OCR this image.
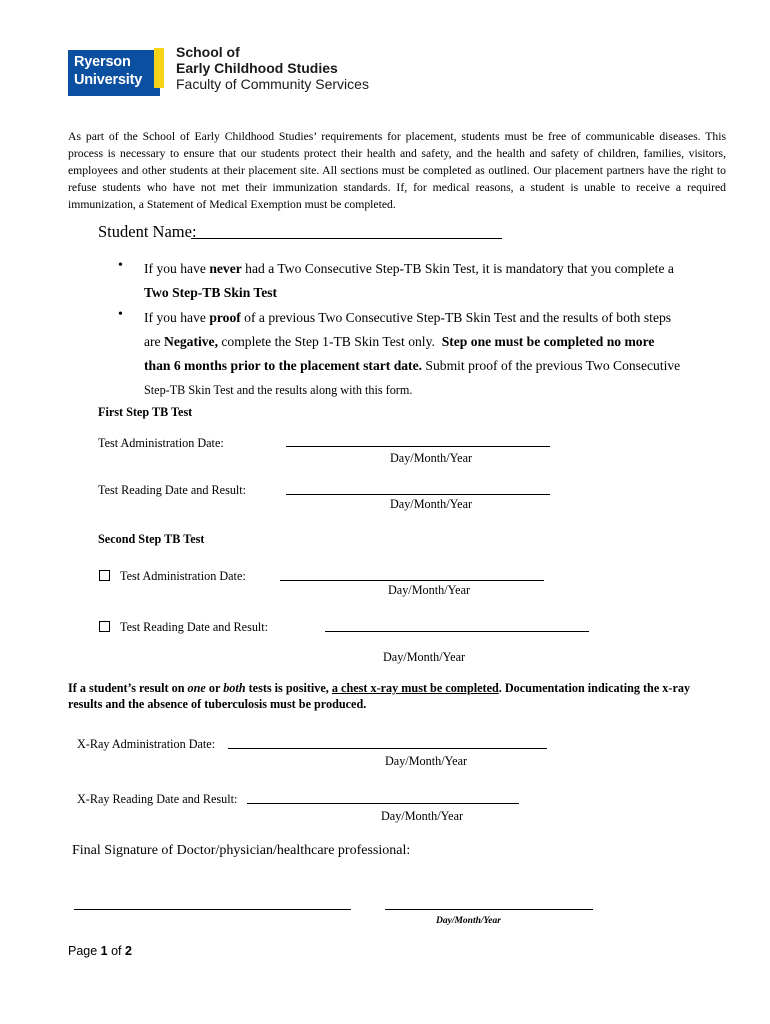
Ryerson
University
School of
Early Childhood Studies
Faculty of Community Services
As part of the School of Early Childhood Studies’ requirements for placement, students must be free of communicable diseases. This process is necessary to ensure that our students protect their health and safety, and the health and safety of children, families, visitors, employees and other students at their placement site. All sections must be completed as outlined. Our placement partners have the right to refuse students who have not met their immunization standards. If, for medical reasons, a student is unable to receive a required immunization, a Statement of Medical Exemption must be completed.
Student Name:
• If you have never had a Two Consecutive Step-TB Skin Test, it is mandatory that you complete a
Two Step-TB Skin Test
• If you have proof of a previous Two Consecutive Step-TB Skin Test and the results of both steps
are Negative, complete the Step 1-TB Skin Test only.  Step one must be completed no more
than 6 months prior to the placement start date. Submit proof of the previous Two Consecutive
Step-TB Skin Test and the results along with this form.
First Step TB Test
Test Administration Date:
Day/Month/Year
Test Reading Date and Result:
Day/Month/Year
Second Step TB Test
Test Administration Date:
Day/Month/Year
Test Reading Date and Result:
Day/Month/Year
If a student’s result on one or both tests is positive, a chest x-ray must be completed. Documentation indicating the x-ray
results and the absence of tuberculosis must be produced.
X-Ray Administration Date:
Day/Month/Year
X-Ray Reading Date and Result:
Day/Month/Year
Final Signature of Doctor/physician/healthcare professional:
Day/Month/Year
Page 1 of 2
